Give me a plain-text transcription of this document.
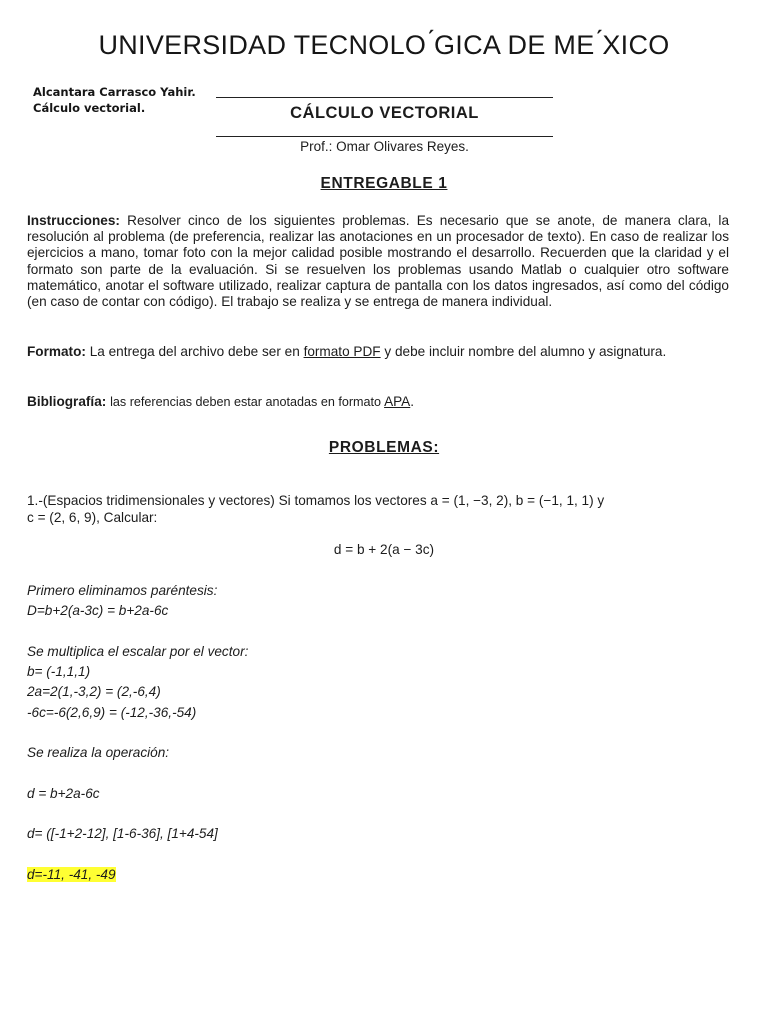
UNIVERSIDAD TECNOLO ́GICA DE ME ́XICO
Alcantara Carrasco Yahir.
Cálculo vectorial.	CÁLCULO VECTORIAL
Prof.: Omar Olivares Reyes.
ENTREGABLE 1
Instrucciones: Resolver cinco de los siguientes problemas. Es necesario que se anote, de manera clara, la resolución al problema (de preferencia, realizar las anotaciones en un procesador de texto). En caso de realizar los ejercicios a mano, tomar foto con la mejor calidad posible mostrando el desarrollo. Recuerden que la claridad y el formato son parte de la evaluación. Si se resuelven los problemas usando Matlab o cualquier otro software matemático, anotar el software utilizado, realizar captura de pantalla con los datos ingresados, así como del código (en caso de contar con código). El trabajo se realiza y se entrega de manera individual.
Formato: La entrega del archivo debe ser en formato PDF y debe incluir nombre del alumno y asignatura.
Bibliografía: las referencias deben estar anotadas en formato APA.
PROBLEMAS:
1.-(Espacios tridimensionales y vectores) Si tomamos los vectores a = (1, −3, 2), b = (−1, 1, 1) y
c = (2, 6, 9), Calcular:
d = b + 2(a − 3c)
Primero eliminamos paréntesis:
D=b+2(a-3c) = b+2a-6c
Se multiplica el escalar por el vector:
b= (-1,1,1)
2a=2(1,-3,2) = (2,-6,4)
-6c=-6(2,6,9) = (-12,-36,-54)
Se realiza la operación:
d = b+2a-6c
d= ([-1+2-12], [1-6-36], [1+4-54]
d=-11, -41, -49
